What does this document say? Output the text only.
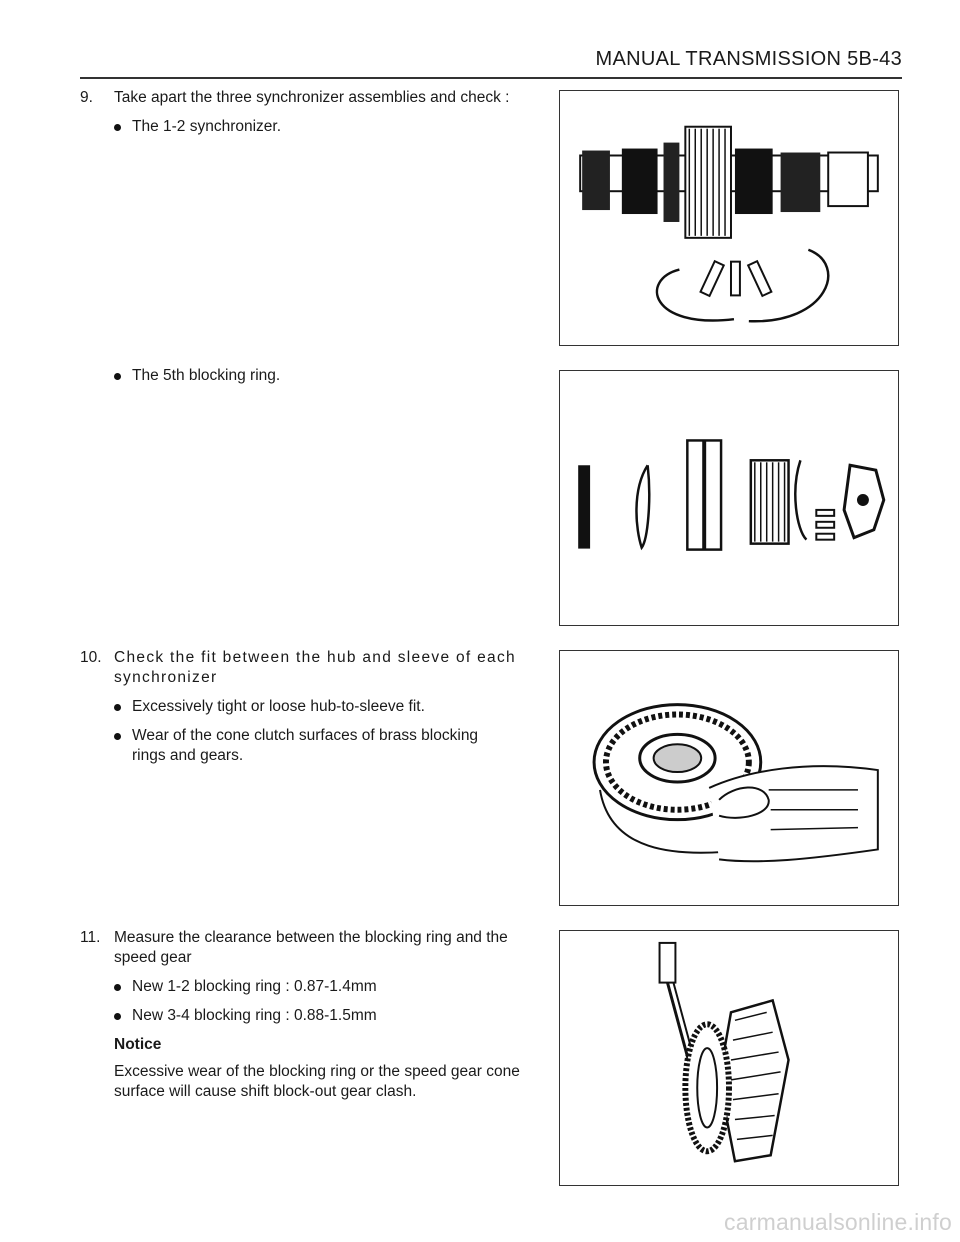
MANUAL TRANSMISSION 5B-43
9.	Take apart the three synchronizer assemblies and check :
The 1-2 synchronizer.
The 5th blocking ring.
10. Check the fit between the hub and sleeve of each synchronizer
Excessively tight or loose hub-to-sleeve fit.
Wear of the cone clutch surfaces of brass blocking rings and gears.
11. Measure the clearance between the blocking ring and the speed gear
New 1-2 blocking ring : 0.87-1.4mm
New 3-4 blocking ring : 0.88-1.5mm
Notice
Excessive wear of the blocking ring or the speed gear cone surface will cause shift block-out gear clash.
carmanualsonline.info
